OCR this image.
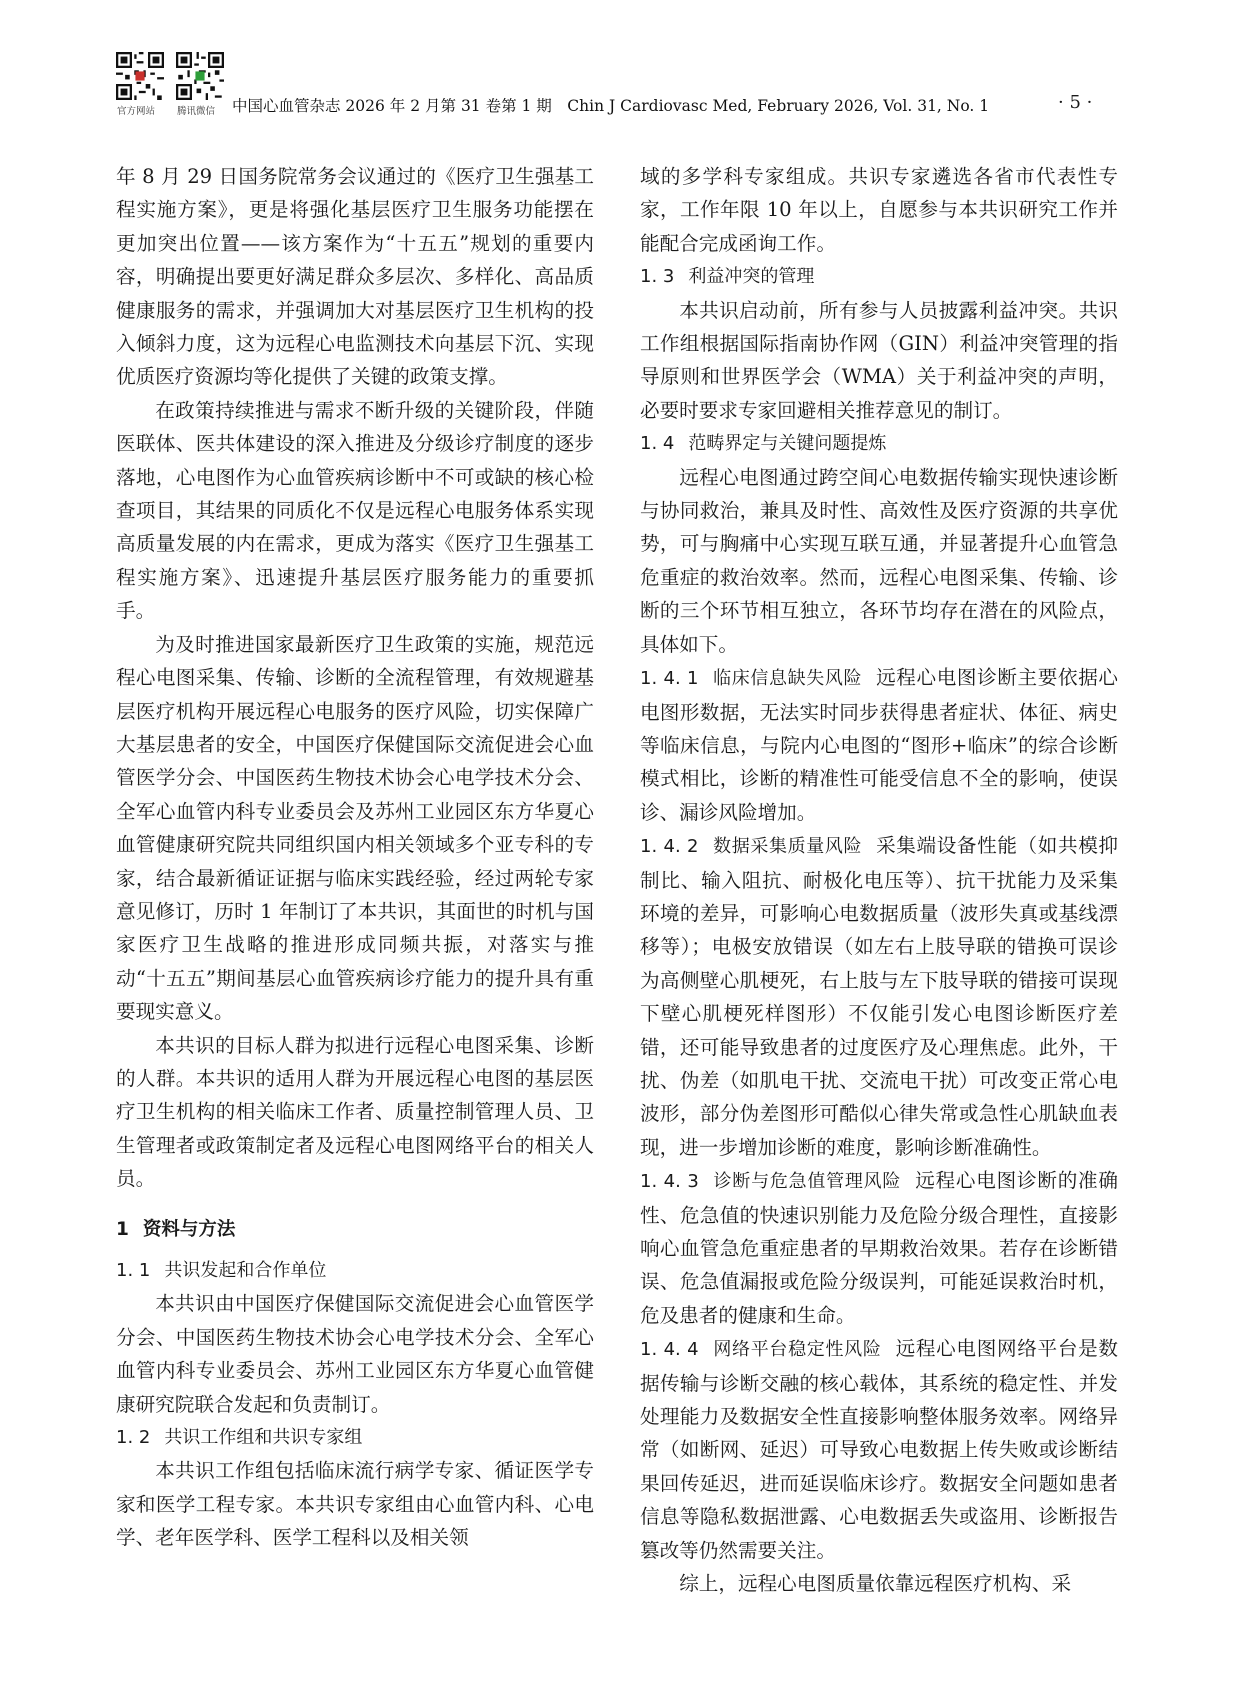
官方网站 腾讯微信 中国心血管杂志 2026 年 2 月第 31 卷第 1 期　Chin J Cardiovasc Med, February 2026, Vol. 31, No. 1	· 5 ·

年 8 月 29 日国务院常务会议通过的《医疗卫生强基工程实施方案》，更是将强化基层医疗卫生服务功能摆在更加突出位置——该方案作为“十五五”规划的重要内容，明确提出要更好满足群众多层次、多样化、高品质健康服务的需求，并强调加大对基层医疗卫生机构的投入倾斜力度，这为远程心电监测技术向基层下沉、实现优质医疗资源均等化提供了关键的政策支撑。

在政策持续推进与需求不断升级的关键阶段，伴随医联体、医共体建设的深入推进及分级诊疗制度的逐步落地，心电图作为心血管疾病诊断中不可或缺的核心检查项目，其结果的同质化不仅是远程心电服务体系实现高质量发展的内在需求，更成为落实《医疗卫生强基工程实施方案》、迅速提升基层医疗服务能力的重要抓手。

为及时推进国家最新医疗卫生政策的实施，规范远程心电图采集、传输、诊断的全流程管理，有效规避基层医疗机构开展远程心电服务的医疗风险，切实保障广大基层患者的安全，中国医疗保健国际交流促进会心血管医学分会、中国医药生物技术协会心电学技术分会、全军心血管内科专业委员会及苏州工业园区东方华夏心血管健康研究院共同组织国内相关领域多个亚专科的专家，结合最新循证证据与临床实践经验，经过两轮专家意见修订，历时 1 年制订了本共识，其面世的时机与国家医疗卫生战略的推进形成同频共振，对落实与推动“十五五”期间基层心血管疾病诊疗能力的提升具有重要现实意义。

本共识的目标人群为拟进行远程心电图采集、诊断的人群。本共识的适用人群为开展远程心电图的基层医疗卫生机构的相关临床工作者、质量控制管理人员、卫生管理者或政策制定者及远程心电图网络平台的相关人员。

1 资料与方法

1. 1 共识发起和合作单位

本共识由中国医疗保健国际交流促进会心血管医学分会、中国医药生物技术协会心电学技术分会、全军心血管内科专业委员会、苏州工业园区东方华夏心血管健康研究院联合发起和负责制订。

1. 2 共识工作组和共识专家组

本共识工作组包括临床流行病学专家、循证医学专家和医学工程专家。本共识专家组由心血管内科、心电学、老年医学科、医学工程科以及相关领

域的多学科专家组成。共识专家遴选各省市代表性专家，工作年限 10 年以上，自愿参与本共识研究工作并能配合完成函询工作。

1. 3 利益冲突的管理

本共识启动前，所有参与人员披露利益冲突。共识工作组根据国际指南协作网（GIN）利益冲突管理的指导原则和世界医学会（WMA）关于利益冲突的声明，必要时要求专家回避相关推荐意见的制订。

1. 4 范畴界定与关键问题提炼

远程心电图通过跨空间心电数据传输实现快速诊断与协同救治，兼具及时性、高效性及医疗资源的共享优势，可与胸痛中心实现互联互通，并显著提升心血管急危重症的救治效率。然而，远程心电图采集、传输、诊断的三个环节相互独立，各环节均存在潜在的风险点，具体如下。

1. 4. 1 临床信息缺失风险 远程心电图诊断主要依据心电图形数据，无法实时同步获得患者症状、体征、病史等临床信息，与院内心电图的“图形+临床”的综合诊断模式相比，诊断的精准性可能受信息不全的影响，使误诊、漏诊风险增加。

1. 4. 2 数据采集质量风险 采集端设备性能（如共模抑制比、输入阻抗、耐极化电压等）、抗干扰能力及采集环境的差异，可影响心电数据质量（波形失真或基线漂移等）；电极安放错误（如左右上肢导联的错换可误诊为高侧壁心肌梗死，右上肢与左下肢导联的错接可误现下壁心肌梗死样图形）不仅能引发心电图诊断医疗差错，还可能导致患者的过度医疗及心理焦虑。此外，干扰、伪差（如肌电干扰、交流电干扰）可改变正常心电波形，部分伪差图形可酷似心律失常或急性心肌缺血表现，进一步增加诊断的难度，影响诊断准确性。

1. 4. 3 诊断与危急值管理风险 远程心电图诊断的准确性、危急值的快速识别能力及危险分级合理性，直接影响心血管急危重症患者的早期救治效果。若存在诊断错误、危急值漏报或危险分级误判，可能延误救治时机，危及患者的健康和生命。

1. 4. 4 网络平台稳定性风险 远程心电图网络平台是数据传输与诊断交融的核心载体，其系统的稳定性、并发处理能力及数据安全性直接影响整体服务效率。网络异常（如断网、延迟）可导致心电数据上传失败或诊断结果回传延迟，进而延误临床诊疗。数据安全问题如患者信息等隐私数据泄露、心电数据丢失或盗用、诊断报告篡改等仍然需要关注。

综上，远程心电图质量依靠远程医疗机构、采
